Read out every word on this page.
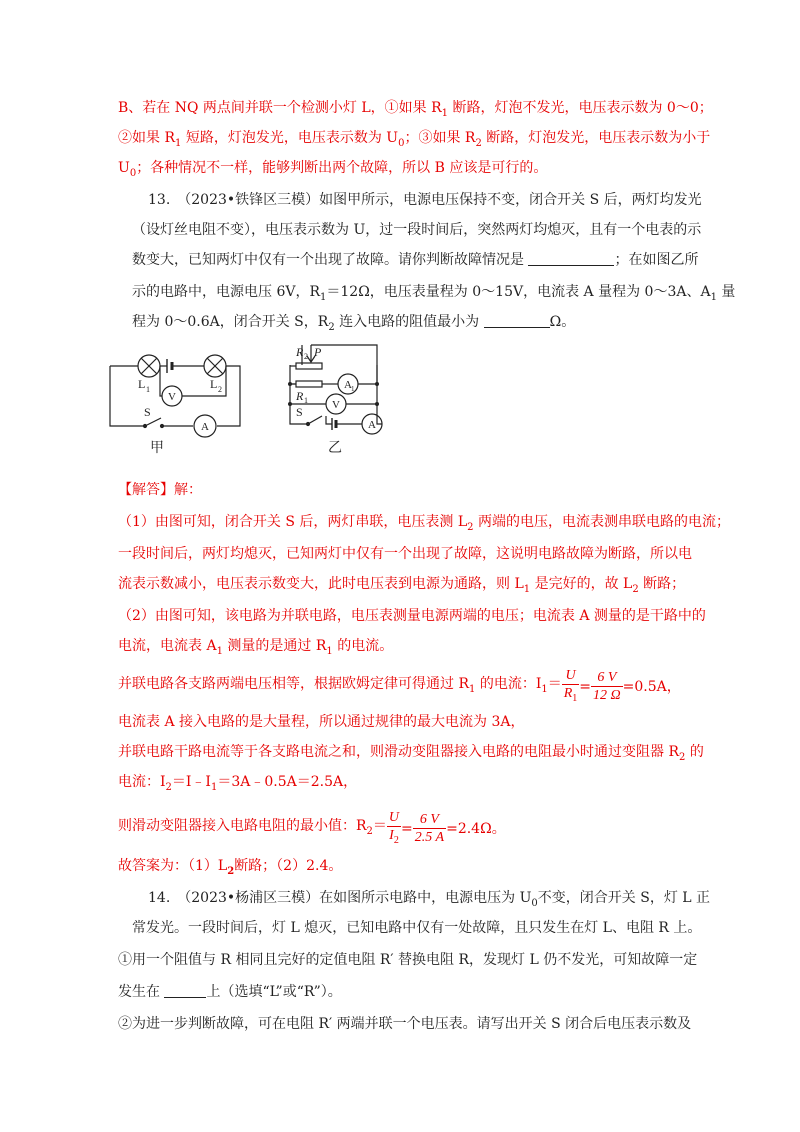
B、若在 NQ 两点间并联一个检测小灯 L，①如果 $R_1$ 断路，灯泡不发光，电压表示数为 0～0；
②如果 $R_1$ 短路，灯泡发光，电压表示数为 $U_0$；③如果 $R_2$ 断路，灯泡发光，电压表示数为小于
$U_0$；各种情况不一样，能够判断出两个故障，所以 B 应该是可行的。
13.　（2023•铁锋区三模）如图甲所示，电源电压保持不变，闭合开关 S 后，两灯均发光
（设灯丝电阻不变），电压表示数为 U，过一段时间后，突然两灯均熄灭，且有一个电表的示
数变大，已知两灯中仅有一个出现了故障。请你判断故障情况是	；在如图乙所
示的电路中，电源电压 6V，$R_1=12\Omega$，电压表量程为 0～15V，电流表 A 量程为 0～3A、$A_1$ 量
程为 0～0.6A，闭合开关 S，$R_2$ 连入电路的阻值最小为	Ω。
L 1	L 2
V
A
S
甲
R 2 P
R 1
A 1
V
A
S
乙
【解答】解：
（1）由图可知，闭合开关 S 后，两灯串联，电压表测 $L_2$ 两端的电压，电流表测串联电路的电流；
一段时间后，两灯均熄灭，已知两灯中仅有一个出现了故障，这说明电路故障为断路，所以电
流表示数减小，电压表示数变大，此时电压表到电源为通路，则 $L_1$ 是完好的，故 $L_2$ 断路；
（2）由图可知，该电路为并联电路，电压表测量电源两端的电压；电流表 A 测量的是干路中的
电流，电流表 $A_1$ 测量的是通过 $R_1$ 的电流。
并联电路各支路两端电压相等，根据欧姆定律可得通过 $R_1$ 的电流：$I_1= \frac{U}{R_1} = \frac{6 V}{12 \Omega} =0.5A$，
电流表 A 接入电路的是大量程，所以通过规律的最大电流为 3A，
并联电路干路电流等于各支路电流之和，则滑动变阻器接入电路的电阻最小时通过变阻器 $R_2$ 的
电流：$I_2=I﹣I_1=3A﹣0.5A=2.5A$，
则滑动变阻器接入电路电阻的最小值：$R_2= \frac{U}{I_2} = \frac{6 V}{2.5 A} =2.4\Omega$。
故答案为：$(1)L_2$断路；（2）2.4。
14.　（2023•杨浦区三模）在如图所示电路中，电源电压为 $U_0$不变，闭合开关 S，灯 L 正
常发光。一段时间后，灯 L 熄灭，已知电路中仅有一处故障，且只发生在灯 L、电阻 R 上。
①用一个阻值与 R 相同且完好的定值电阻 R′ 替换电阻 R，发现灯 L 仍不发光，可知故障一定
发生在	上（选填“L”或“R”）。
②为进一步判断故障，可在电阻 R′ 两端并联一个电压表。请写出开关 S 闭合后电压表示数及
